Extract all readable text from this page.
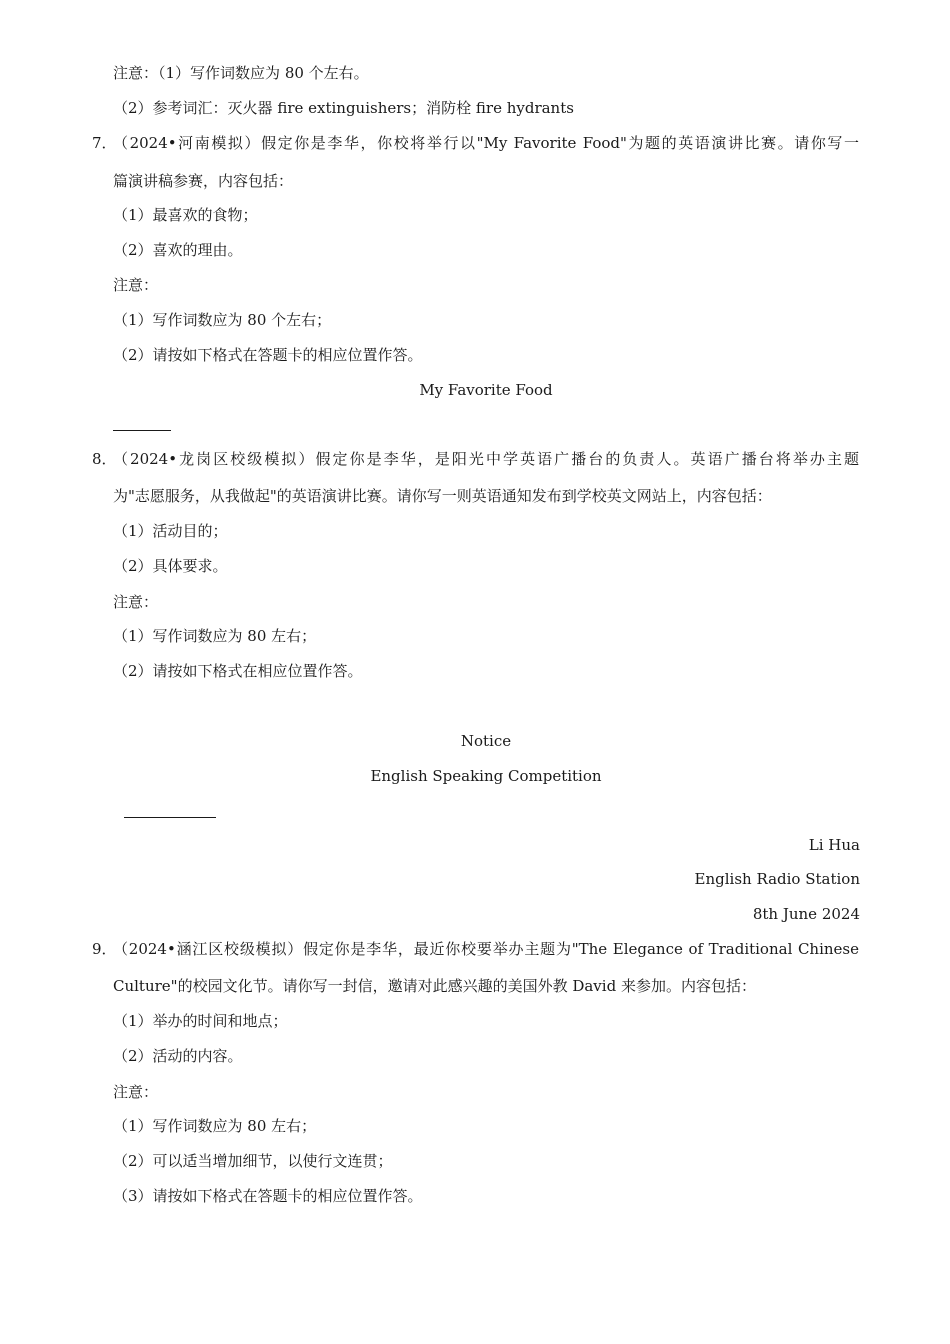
注意：（1）写作词数应为 80 个左右。
（2）参考词汇：灭火器 fire extinguishers；消防栓 fire hydrants
7．
（2024•河南模拟）假定你是李华，你校将举行以"My Favorite Food"为题的英语演讲比赛。请你写一
篇演讲稿参赛，内容包括：
（1）最喜欢的食物；
（2）喜欢的理由。
注意：
（1）写作词数应为 80 个左右；
（2）请按如下格式在答题卡的相应位置作答。
My Favorite Food
8．
（2024•龙岗区校级模拟）假定你是李华，是阳光中学英语广播台的负责人。英语广播台将举办主题
为"志愿服务，从我做起"的英语演讲比赛。请你写一则英语通知发布到学校英文网站上，内容包括：
（1）活动目的；
（2）具体要求。
注意：
（1）写作词数应为 80 左右；
（2）请按如下格式在相应位置作答。
Notice
English Speaking Competition
Li Hua
English Radio Station
8th June 2024
9．
（2024•涵江区校级模拟）假定你是李华，最近你校要举办主题为"The Elegance of Traditional Chinese
Culture"的校园文化节。请你写一封信，邀请对此感兴趣的美国外教 David 来参加。内容包括：
（1）举办的时间和地点；
（2）活动的内容。
注意：
（1）写作词数应为 80 左右；
（2）可以适当增加细节，以使行文连贯；
（3）请按如下格式在答题卡的相应位置作答。
